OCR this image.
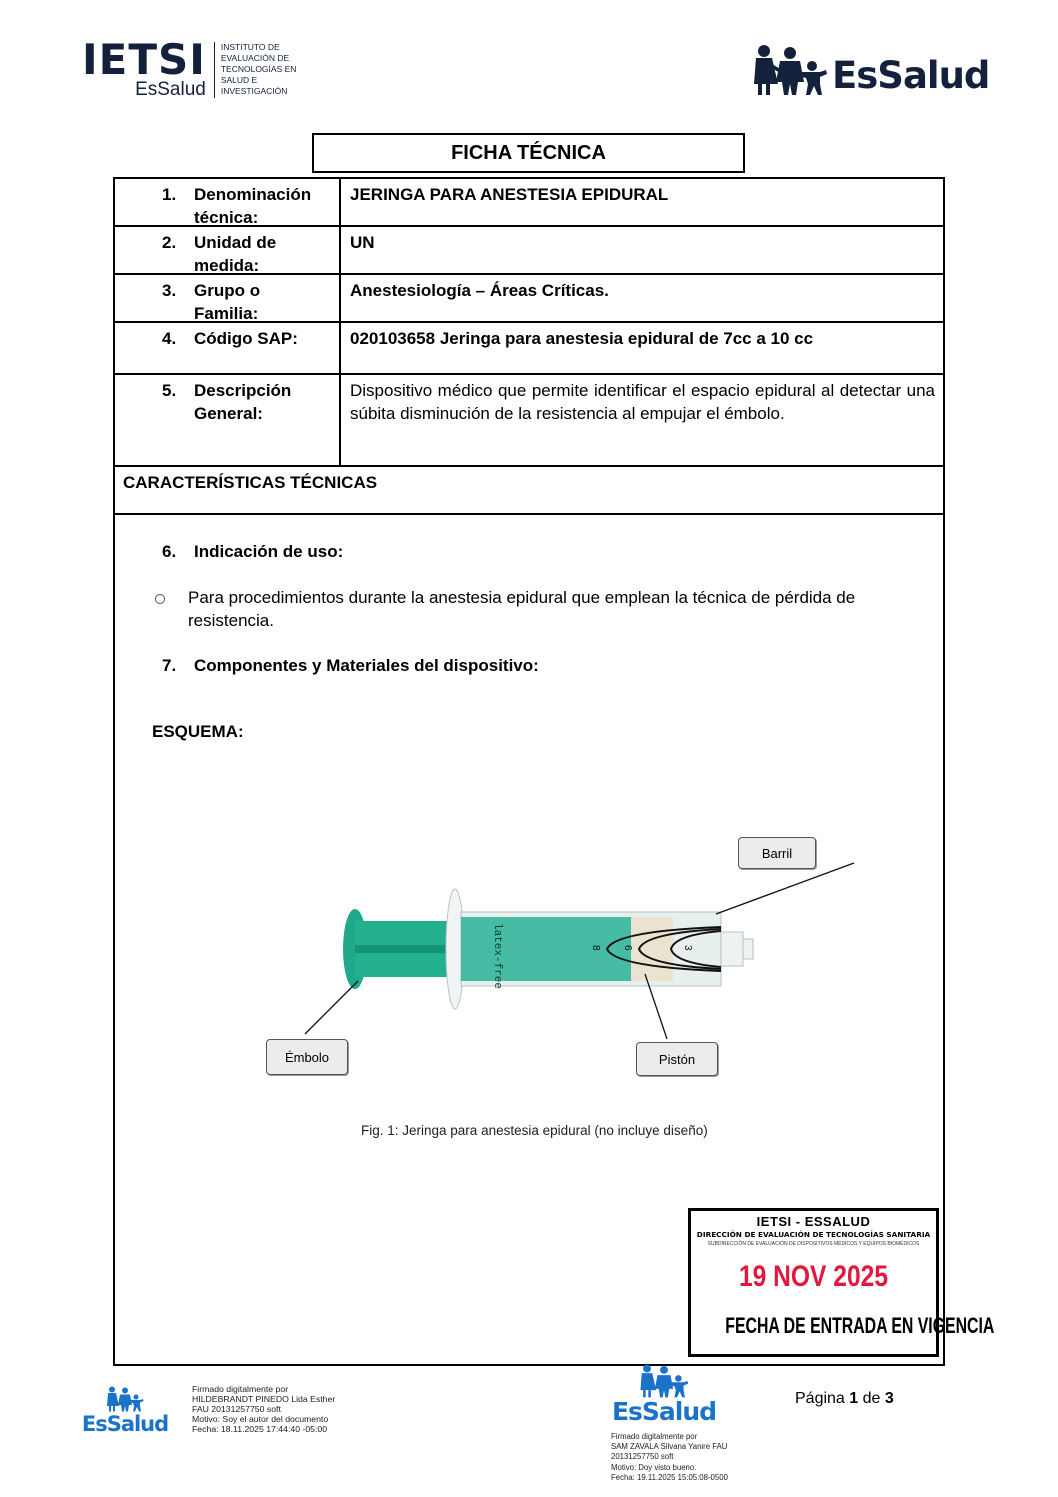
IETSI
EsSalud
INSTITUTO DE
EVALUACIÓN DE
TECNOLOGÍAS EN
SALUD E
INVESTIGACIÓN	EsSalud
FICHA TÉCNICA
1. Denominación técnica:
JERINGA PARA ANESTESIA EPIDURAL
2. Unidad de medida:
UN
3. Grupo o Familia:
Anestesiología – Áreas Críticas.
4. Código SAP:	020103658 Jeringa para anestesia epidural de 7cc a 10 cc
5. Descripción General:
Dispositivo médico que permite identificar el espacio epidural al detectar una súbita disminución de la resistencia al empujar el émbolo.
CARACTERÍSTICAS TÉCNICAS
6. Indicación de uso:
Para procedimientos durante la anestesia epidural que emplean la técnica de pérdida de resistencia.
7. Componentes y Materiales del dispositivo:
ESQUEMA:
latex-free	8 6	3
Barril
Émbolo	Pistón
Fig. 1: Jeringa para anestesia epidural (no incluye diseño)
IETSI - ESSALUD
DIRECCIÓN DE EVALUACIÓN DE TECNOLOGÍAS SANITARIA
SUBDIRECCIÓN DE EVALUACIÓN DE DISPOSITIVOS MÉDICOS Y EQUIPOS BIOMÉDICOS
19 NOV 2025
FECHA DE ENTRADA EN VIGENCIA
EsSalud
Firmado digitalmente por
HILDEBRANDT PINEDO Lida Esther
FAU 20131257750 soft
Motivo: Soy el autor del documento
Fecha: 18.11.2025 17:44:40 -05:00
EsSalud
Firmado digitalmente por
SAM ZAVALA Silvana Yanire FAU
20131257750 soft
Motivo: Doy visto bueno.
Fecha: 19.11.2025 15:05:08-0500
Página 1 de 3
